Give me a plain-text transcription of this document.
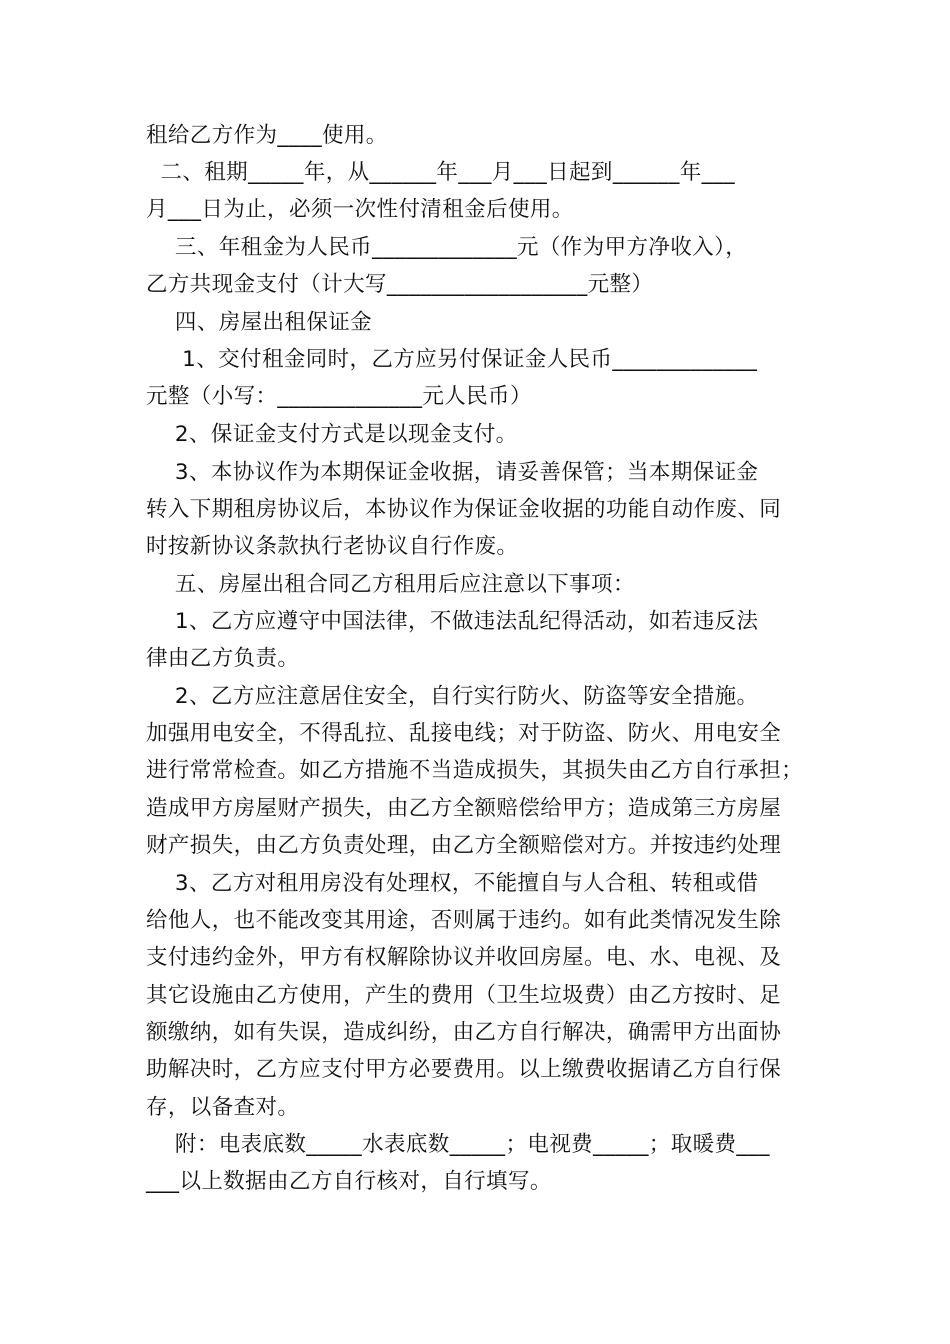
租给乙方作为____使用。

二、租期_____年，从______年___月___日起到______年___

月___日为止，必须一次性付清租金后使用。

三、年租金为人民币_____________元（作为甲方净收入），

乙方共现金支付（计大写__________________元整）

四、房屋出租保证金

1、交付租金同时，乙方应另付保证金人民币_____________

元整（小写：_____________元人民币）

2、保证金支付方式是以现金支付。

3、本协议作为本期保证金收据，请妥善保管；当本期保证金

转入下期租房协议后，本协议作为保证金收据的功能自动作废、同

时按新协议条款执行老协议自行作废。

五、房屋出租合同乙方租用后应注意以下事项：

1、乙方应遵守中国法律，不做违法乱纪得活动，如若违反法

律由乙方负责。

2、乙方应注意居住安全，自行实行防火、防盗等安全措施。

加强用电安全，不得乱拉、乱接电线；对于防盗、防火、用电安全

进行常常检查。如乙方措施不当造成损失，其损失由乙方自行承担；

造成甲方房屋财产损失，由乙方全额赔偿给甲方；造成第三方房屋

财产损失，由乙方负责处理，由乙方全额赔偿对方。并按违约处理

3、乙方对租用房没有处理权，不能擅自与人合租、转租或借

给他人，也不能改变其用途，否则属于违约。如有此类情况发生除

支付违约金外，甲方有权解除协议并收回房屋。电、水、电视、及

其它设施由乙方使用，产生的费用（卫生垃圾费）由乙方按时、足

额缴纳，如有失误，造成纠纷，由乙方自行解决，确需甲方出面协

助解决时，乙方应支付甲方必要费用。以上缴费收据请乙方自行保

存，以备查对。

附：电表底数_____水表底数_____；电视费_____；取暖费___

___以上数据由乙方自行核对，自行填写。
